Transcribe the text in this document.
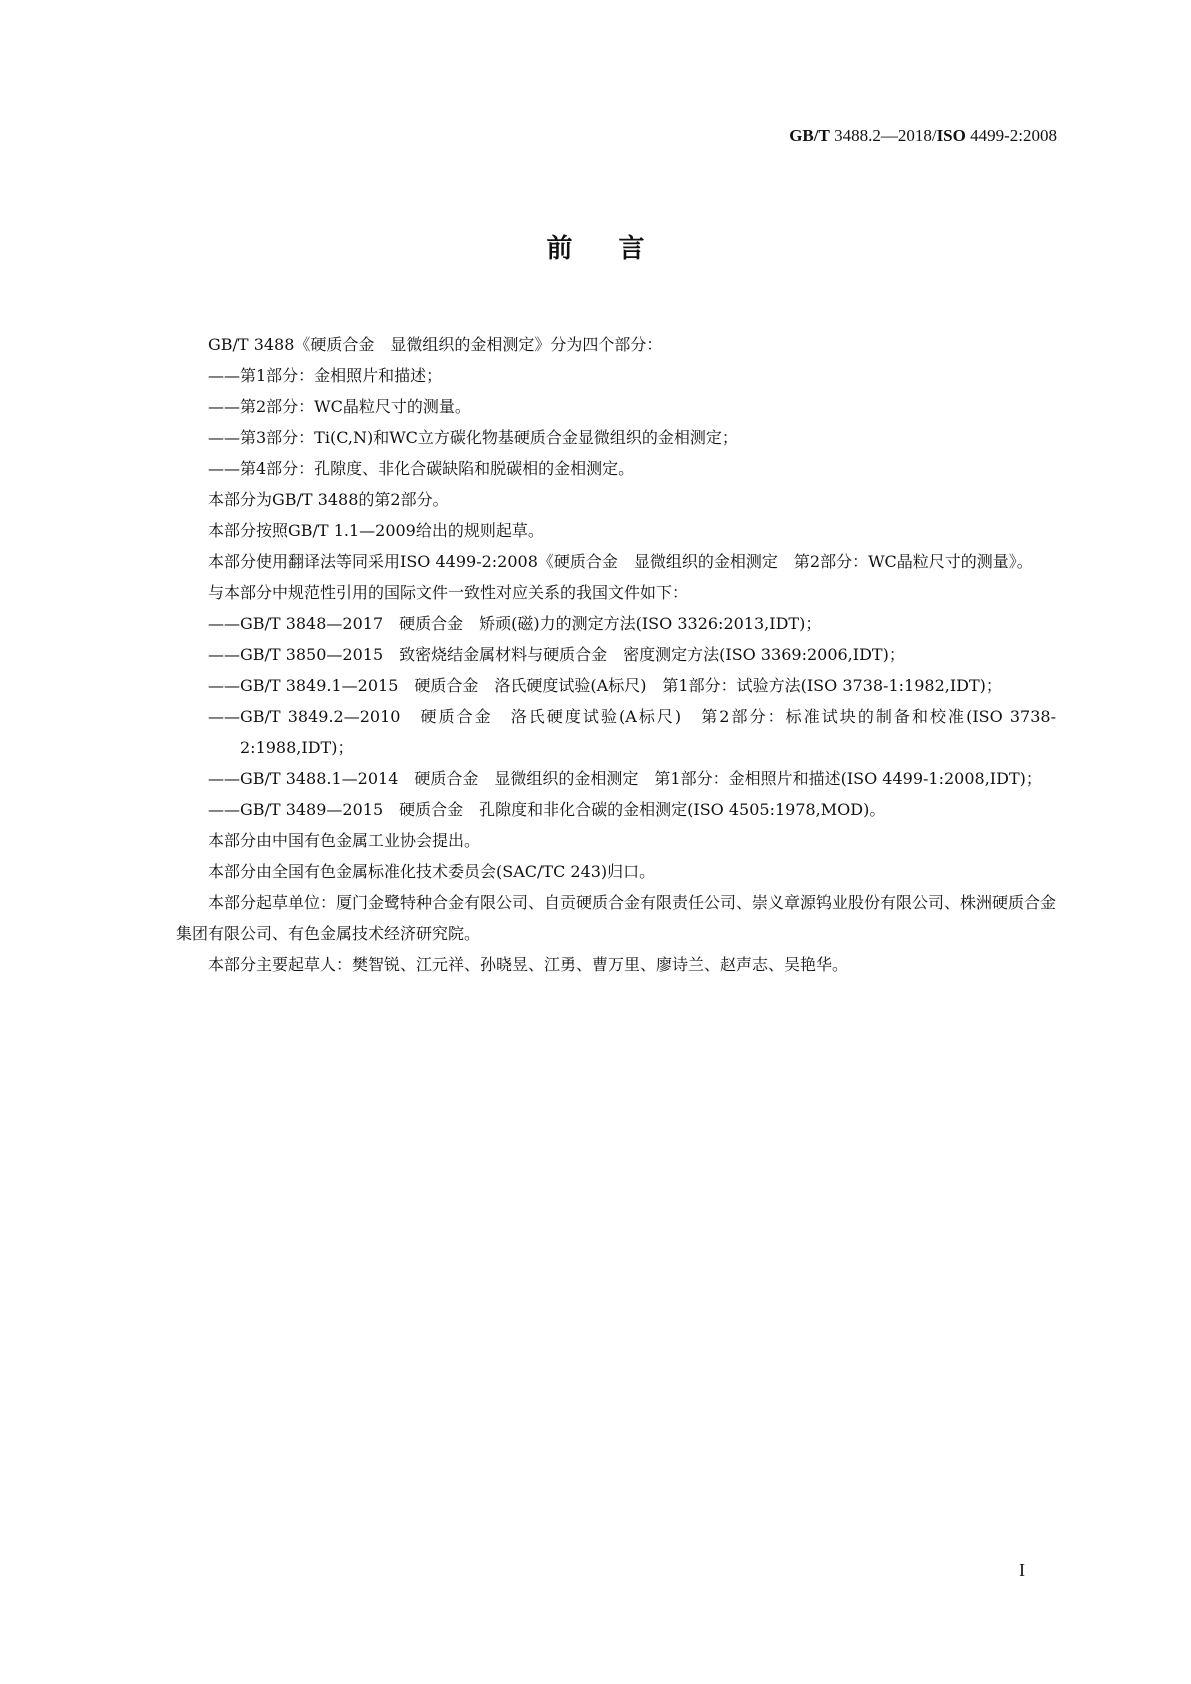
GB/T 3488.2—2018/ISO 4499-2:2008
前言

GB/T 3488《硬质合金　显微组织的金相测定》分为四个部分：

——第1部分：金相照片和描述；

——第2部分：WC晶粒尺寸的测量。

——第3部分：Ti(C,N)和WC立方碳化物基硬质合金显微组织的金相测定；

——第4部分：孔隙度、非化合碳缺陷和脱碳相的金相测定。

本部分为GB/T 3488的第2部分。

本部分按照GB/T 1.1—2009给出的规则起草。

本部分使用翻译法等同采用ISO 4499-2:2008《硬质合金　显微组织的金相测定　第2部分：WC晶粒尺寸的测量》。

与本部分中规范性引用的国际文件一致性对应关系的我国文件如下：

——GB/T 3848—2017　硬质合金　矫顽(磁)力的测定方法(ISO 3326:2013,IDT)；

——GB/T 3850—2015　致密烧结金属材料与硬质合金　密度测定方法(ISO 3369:2006,IDT)；

——GB/T 3849.1—2015　硬质合金　洛氏硬度试验(A标尺)　第1部分：试验方法(ISO 3738-1:1982,IDT)；

——GB/T 3849.2—2010　硬质合金　洛氏硬度试验(A标尺)　第2部分：标准试块的制备和校准(ISO 3738-2:1988,IDT)；

——GB/T 3488.1—2014　硬质合金　显微组织的金相测定　第1部分：金相照片和描述(ISO 4499-1:2008,IDT)；

——GB/T 3489—2015　硬质合金　孔隙度和非化合碳的金相测定(ISO 4505:1978,MOD)。

本部分由中国有色金属工业协会提出。

本部分由全国有色金属标准化技术委员会(SAC/TC 243)归口。

本部分起草单位：厦门金鹭特种合金有限公司、自贡硬质合金有限责任公司、崇义章源钨业股份有限公司、株洲硬质合金集团有限公司、有色金属技术经济研究院。

本部分主要起草人：樊智锐、江元祥、孙晓昱、江勇、曹万里、廖诗兰、赵声志、吴艳华。

I
